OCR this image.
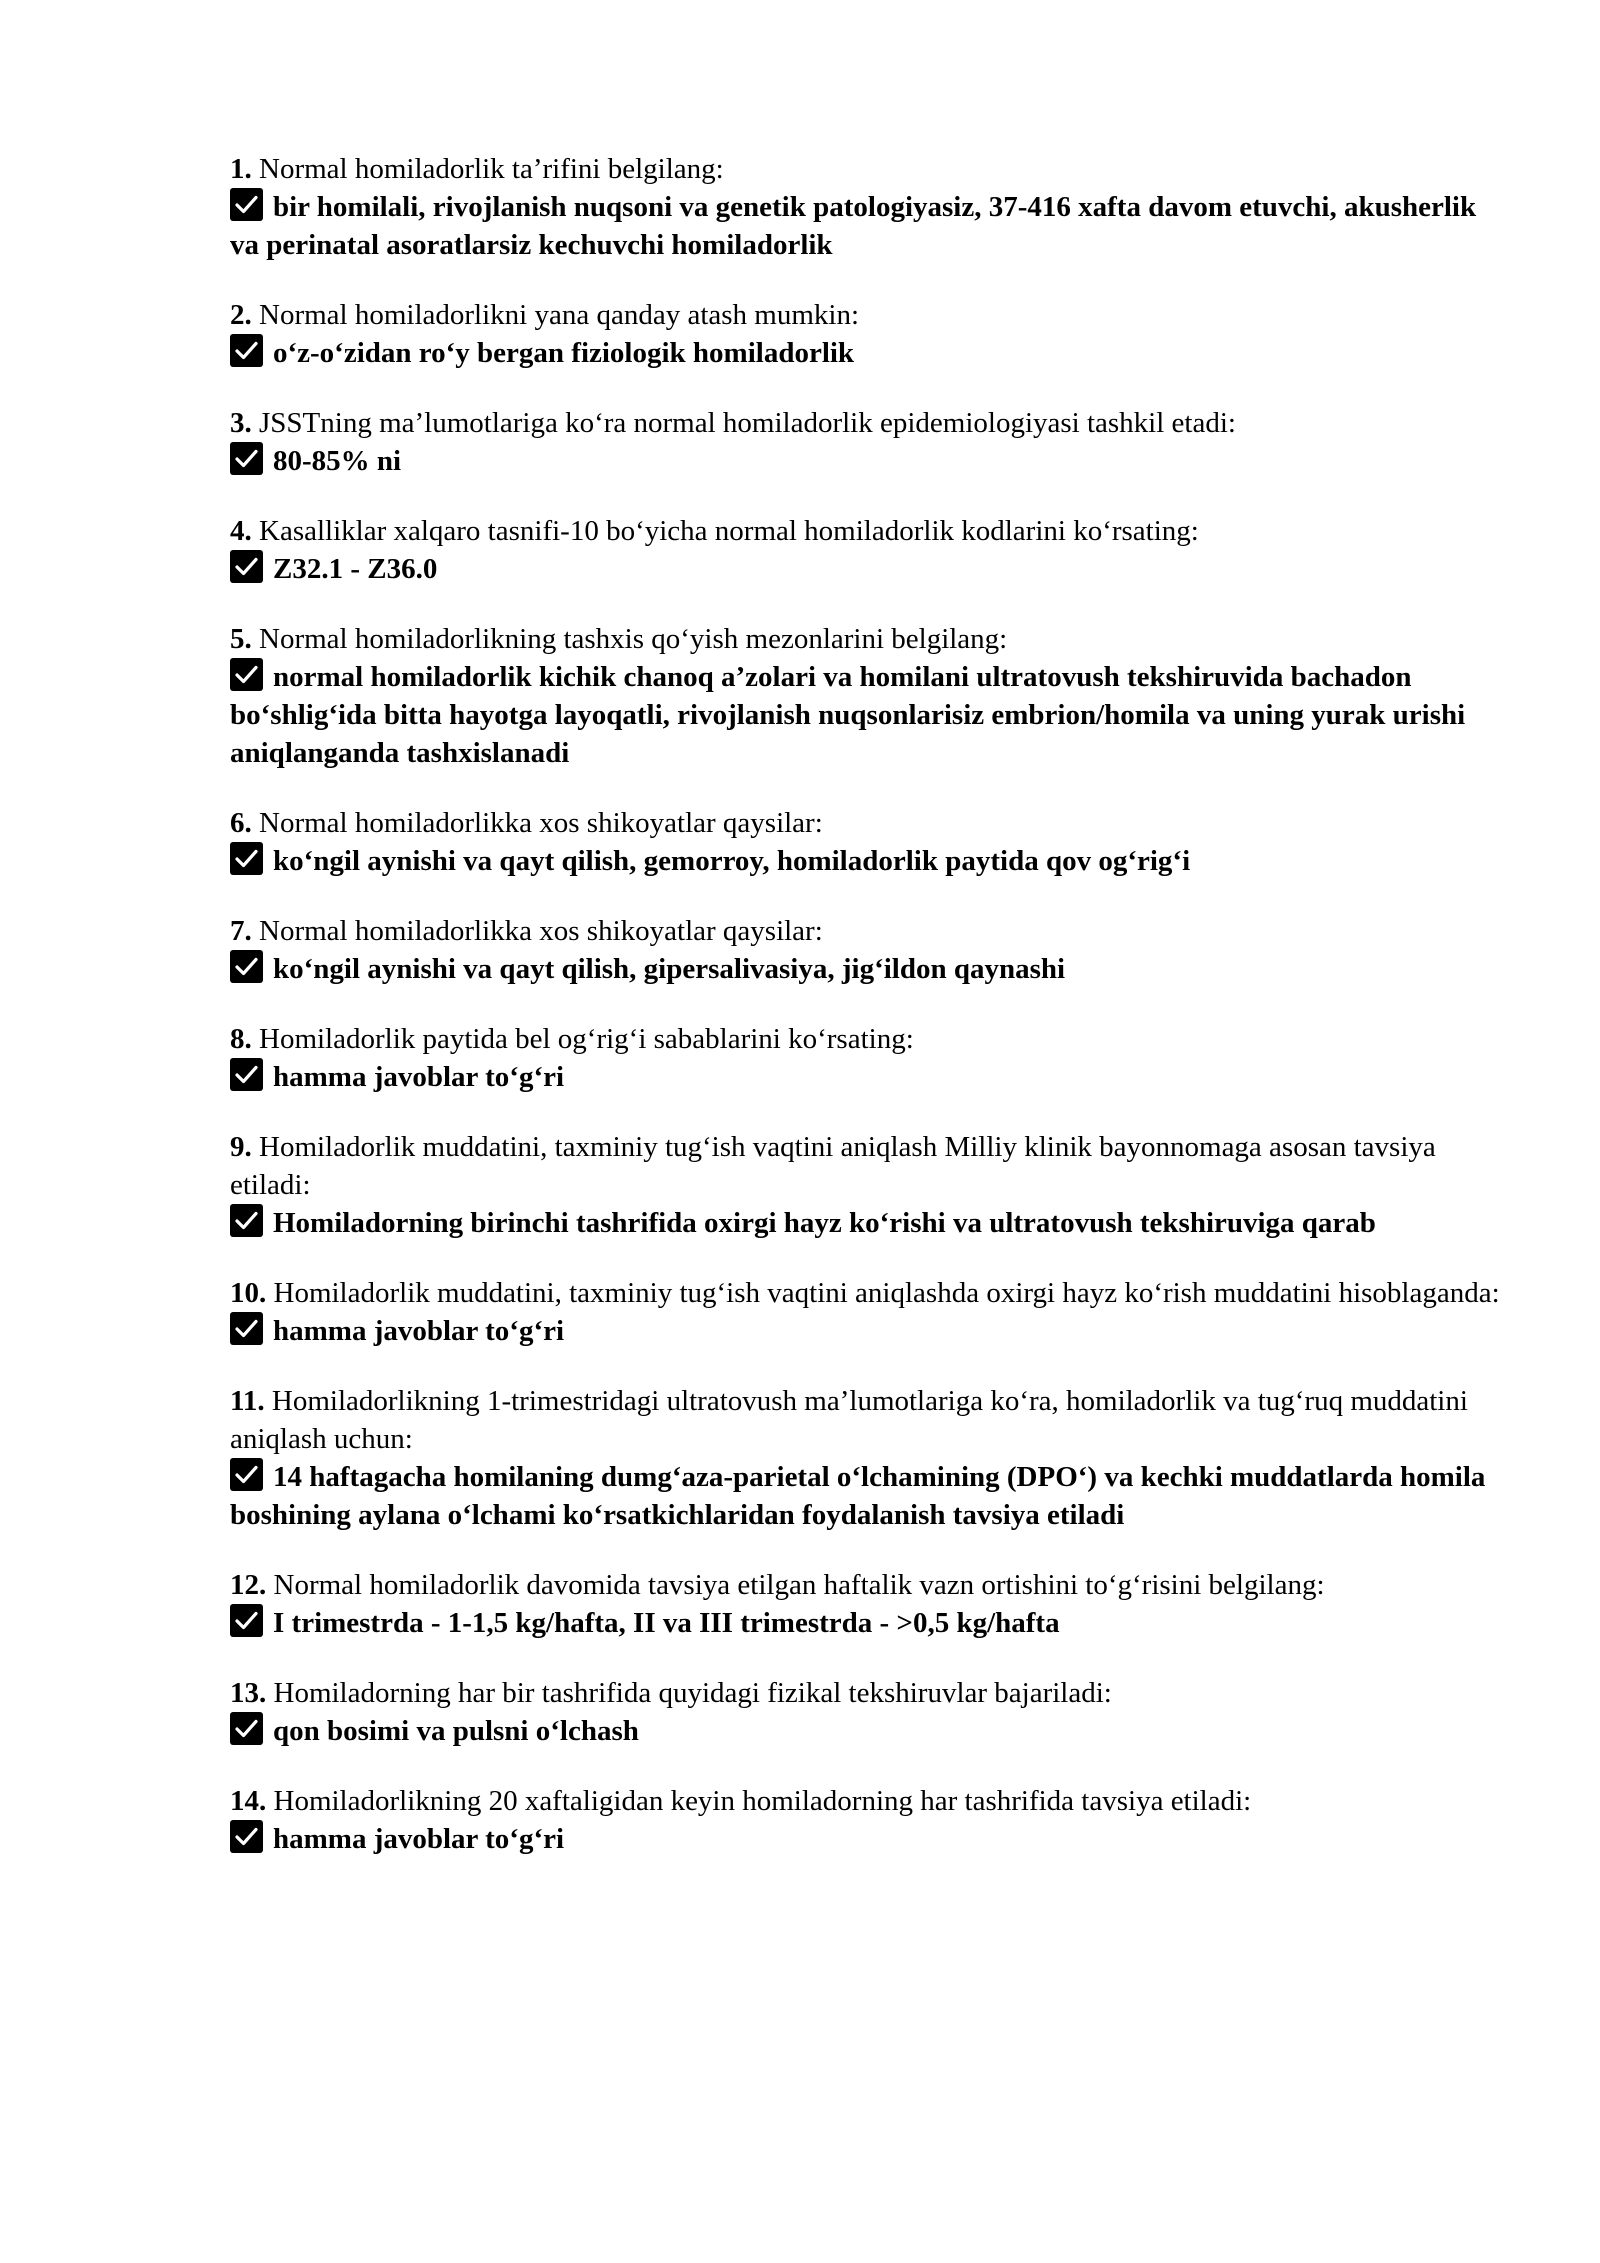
1. Normal homiladorlik ta’rifini belgilang:

bir homilali, rivojlanish nuqsoni va genetik patologiyasiz, 37-416 xafta davom etuvchi, akusherlik va perinatal asoratlarsiz kechuvchi homiladorlik

2. Normal homiladorlikni yana qanday atash mumkin:

o‘z-o‘zidan ro‘y bergan fiziologik homiladorlik

3. JSSTning ma’lumotlariga ko‘ra normal homiladorlik epidemiologiyasi tashkil etadi:

80-85% ni

4. Kasalliklar xalqaro tasnifi-10 bo‘yicha normal homiladorlik kodlarini ko‘rsating:

Z32.1 - Z36.0

5. Normal homiladorlikning tashxis qo‘yish mezonlarini belgilang:

normal homiladorlik kichik chanoq a’zolari va homilani ultratovush tekshiruvida bachadon bo‘shlig‘ida bitta hayotga layoqatli, rivojlanish nuqsonlarisiz embrion/homila va uning yurak urishi aniqlanganda tashxislanadi

6. Normal homiladorlikka xos shikoyatlar qaysilar:

ko‘ngil aynishi va qayt qilish, gemorroy, homiladorlik paytida qov og‘rig‘i

7. Normal homiladorlikka xos shikoyatlar qaysilar:

ko‘ngil aynishi va qayt qilish, gipersalivasiya, jig‘ildon qaynashi

8. Homiladorlik paytida bel og‘rig‘i sabablarini ko‘rsating:

hamma javoblar to‘g‘ri

9. Homiladorlik muddatini, taxminiy tug‘ish vaqtini aniqlash Milliy klinik bayonnomaga asosan tavsiya etiladi:

Homiladorning birinchi tashrifida oxirgi hayz ko‘rishi va ultratovush tekshiruviga qarab

10. Homiladorlik muddatini, taxminiy tug‘ish vaqtini aniqlashda oxirgi hayz ko‘rish muddatini hisoblaganda:

hamma javoblar to‘g‘ri

11. Homiladorlikning 1-trimestridagi ultratovush ma’lumotlariga ko‘ra, homiladorlik va tug‘ruq muddatini aniqlash uchun:

14 haftagacha homilaning dumg‘aza-parietal o‘lchamining (DPO‘) va kechki muddatlarda homila boshining aylana o‘lchami ko‘rsatkichlaridan foydalanish tavsiya etiladi

12. Normal homiladorlik davomida tavsiya etilgan haftalik vazn ortishini to‘g‘risini belgilang:

I trimestrda - 1-1,5 kg/hafta, II va III trimestrda - >0,5 kg/hafta

13. Homiladorning har bir tashrifida quyidagi fizikal tekshiruvlar bajariladi:

qon bosimi va pulsni o‘lchash

14. Homiladorlikning 20 xaftaligidan keyin homiladorning har tashrifida tavsiya etiladi:

hamma javoblar to‘g‘ri
